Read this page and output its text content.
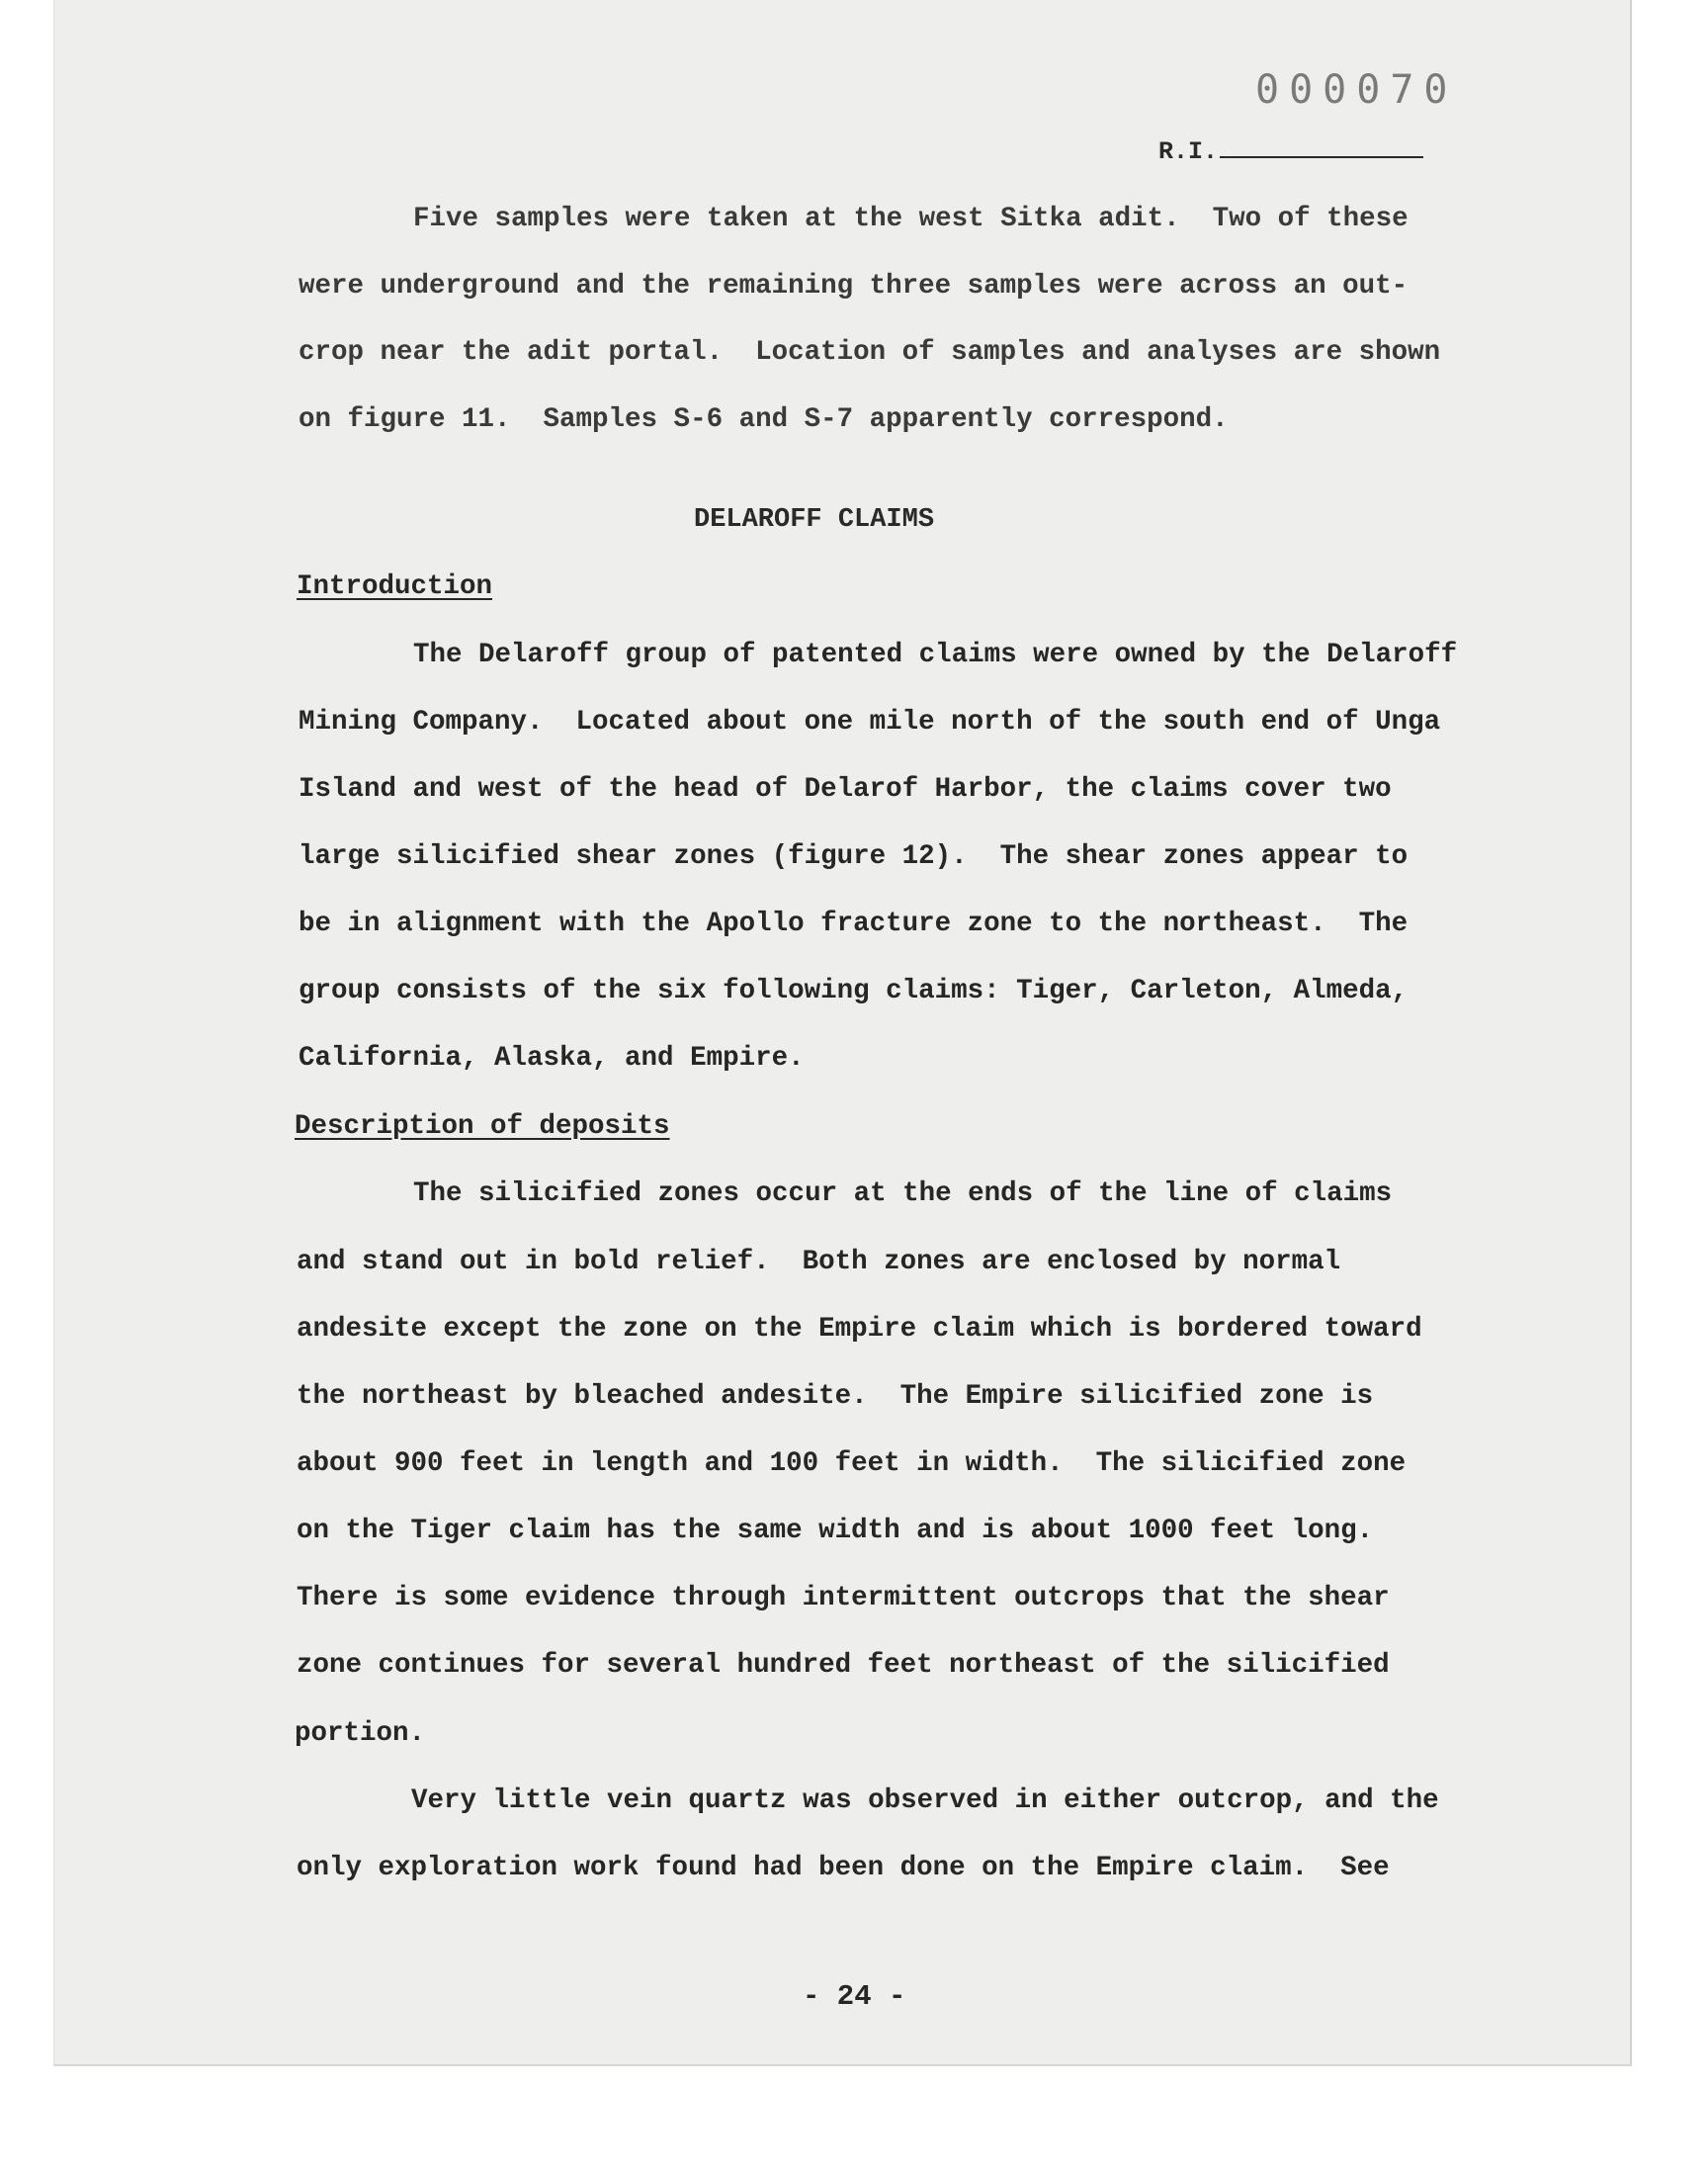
000070
R.I.
Five samples were taken at the west Sitka adit.  Two of these
were underground and the remaining three samples were across an out-
crop near the adit portal.  Location of samples and analyses are shown
on figure 11.  Samples S-6 and S-7 apparently correspond.
DELAROFF CLAIMS
Introduction
The Delaroff group of patented claims were owned by the Delaroff
Mining Company.  Located about one mile north of the south end of Unga
Island and west of the head of Delarof Harbor, the claims cover two
large silicified shear zones (figure 12).  The shear zones appear to
be in alignment with the Apollo fracture zone to the northeast.  The
group consists of the six following claims: Tiger, Carleton, Almeda,
California, Alaska, and Empire.
Description of deposits
The silicified zones occur at the ends of the line of claims
and stand out in bold relief.  Both zones are enclosed by normal
andesite except the zone on the Empire claim which is bordered toward
the northeast by bleached andesite.  The Empire silicified zone is
about 900 feet in length and 100 feet in width.  The silicified zone
on the Tiger claim has the same width and is about 1000 feet long.
There is some evidence through intermittent outcrops that the shear
zone continues for several hundred feet northeast of the silicified
portion.
Very little vein quartz was observed in either outcrop, and the
only exploration work found had been done on the Empire claim.  See
- 24 -
